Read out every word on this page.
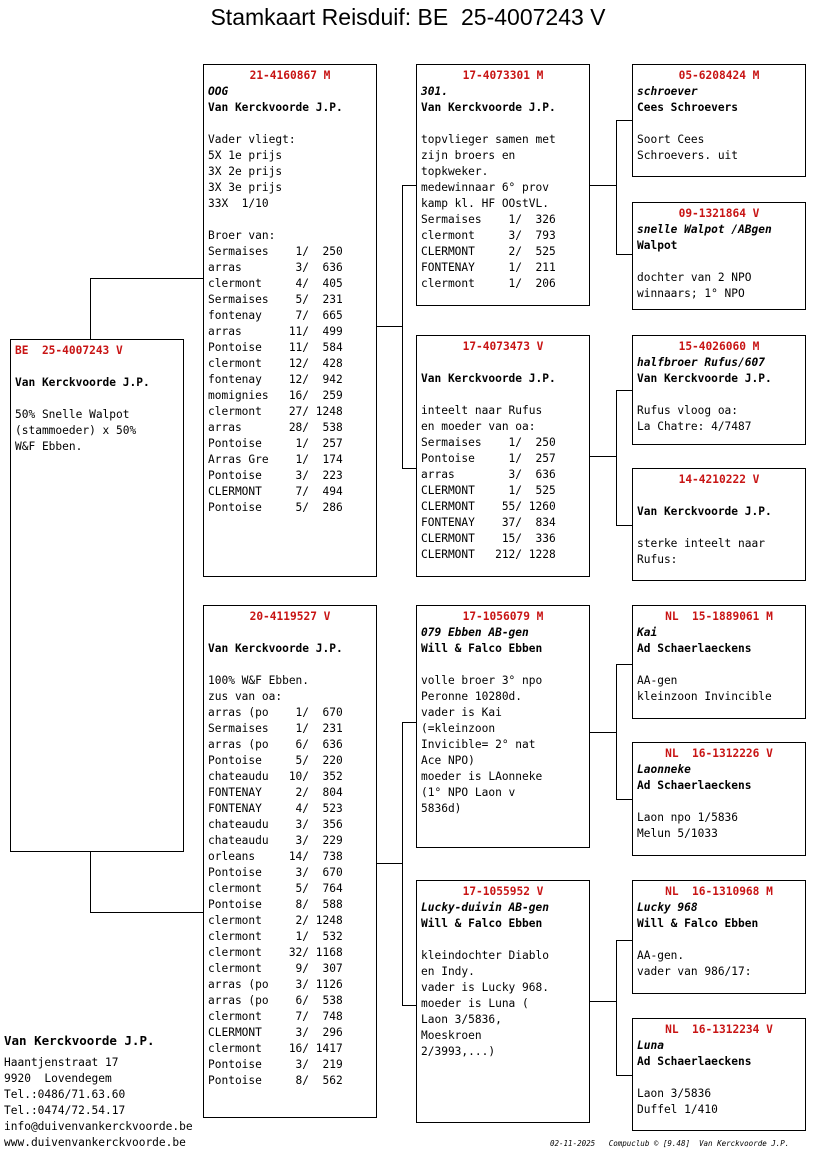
Stamkaart Reisduif: BE  25-4007243 V
BE  25-4007243 V
Van Kerckvoorde J.P.
50% Snelle Walpot
(stammoeder) x 50%
W&F Ebben.
21-4160867 M
OOG
Van Kerckvoorde J.P.
Vader vliegt:
5X 1e prijs
3X 2e prijs
3X 3e prijs
33X  1/10
Broer van:
Sermaises    1/  250
arras        3/  636
clermont     4/  405
Sermaises    5/  231
fontenay     7/  665
arras       11/  499
Pontoise    11/  584
clermont    12/  428
fontenay    12/  942
momignies   16/  259
clermont    27/ 1248
arras       28/  538
Pontoise     1/  257
Arras Gre    1/  174
Pontoise     3/  223
CLERMONT     7/  494
Pontoise     5/  286
20-4119527 V
Van Kerckvoorde J.P.
100% W&F Ebben.
zus van oa:
arras (po    1/  670
Sermaises    1/  231
arras (po    6/  636
Pontoise     5/  220
chateaudu   10/  352
FONTENAY     2/  804
FONTENAY     4/  523
chateaudu    3/  356
chateaudu    3/  229
orleans     14/  738
Pontoise     3/  670
clermont     5/  764
Pontoise     8/  588
clermont     2/ 1248
clermont     1/  532
clermont    32/ 1168
clermont     9/  307
arras (po    3/ 1126
arras (po    6/  538
clermont     7/  748
CLERMONT     3/  296
clermont    16/ 1417
Pontoise     3/  219
Pontoise     8/  562
17-4073301 M
301.
Van Kerckvoorde J.P.
topvlieger samen met
zijn broers en
topkweker.
medewinnaar 6° prov
kamp kl. HF OOstVL.
Sermaises    1/  326
clermont     3/  793
CLERMONT     2/  525
FONTENAY     1/  211
clermont     1/  206
17-4073473 V
Van Kerckvoorde J.P.
inteelt naar Rufus
en moeder van oa:
Sermaises    1/  250
Pontoise     1/  257
arras        3/  636
CLERMONT     1/  525
CLERMONT    55/ 1260
FONTENAY    37/  834
CLERMONT    15/  336
CLERMONT   212/ 1228
17-1056079 M
079 Ebben AB-gen
Will & Falco Ebben
volle broer 3° npo
Peronne 10280d.
vader is Kai
(=kleinzoon
Invicible= 2° nat
Ace NPO)
moeder is LAonneke
(1° NPO Laon v
5836d)
17-1055952 V
Lucky-duivin AB-gen
Will & Falco Ebben
kleindochter Diablo
en Indy.
vader is Lucky 968.
moeder is Luna (
Laon 3/5836,
Moeskroen
2/3993,...)
05-6208424 M
schroever
Cees Schroevers
Soort Cees
Schroevers. uit
09-1321864 V
snelle Walpot /ABgen
Walpot
dochter van 2 NPO
winnaars; 1° NPO
15-4026060 M
halfbroer Rufus/607
Van Kerckvoorde J.P.
Rufus vloog oa:
La Chatre: 4/7487
14-4210222 V
Van Kerckvoorde J.P.
sterke inteelt naar
Rufus:
NL  15-1889061 M
Kai
Ad Schaerlaeckens
AA-gen
kleinzoon Invincible
NL  16-1312226 V
Laonneke
Ad Schaerlaeckens
Laon npo 1/5836
Melun 5/1033
NL  16-1310968 M
Lucky 968
Will & Falco Ebben
AA-gen.
vader van 986/17:
NL  16-1312234 V
Luna
Ad Schaerlaeckens
Laon 3/5836
Duffel 1/410
Van Kerckvoorde J.P.
Haantjenstraat 17
9920  Lovendegem
Tel.:0486/71.63.60
Tel.:0474/72.54.17
info@duivenvankerckvoorde.be
www.duivenvankerckvoorde.be	02-11-2025   Compuclub © [9.48]  Van Kerckvoorde J.P.
